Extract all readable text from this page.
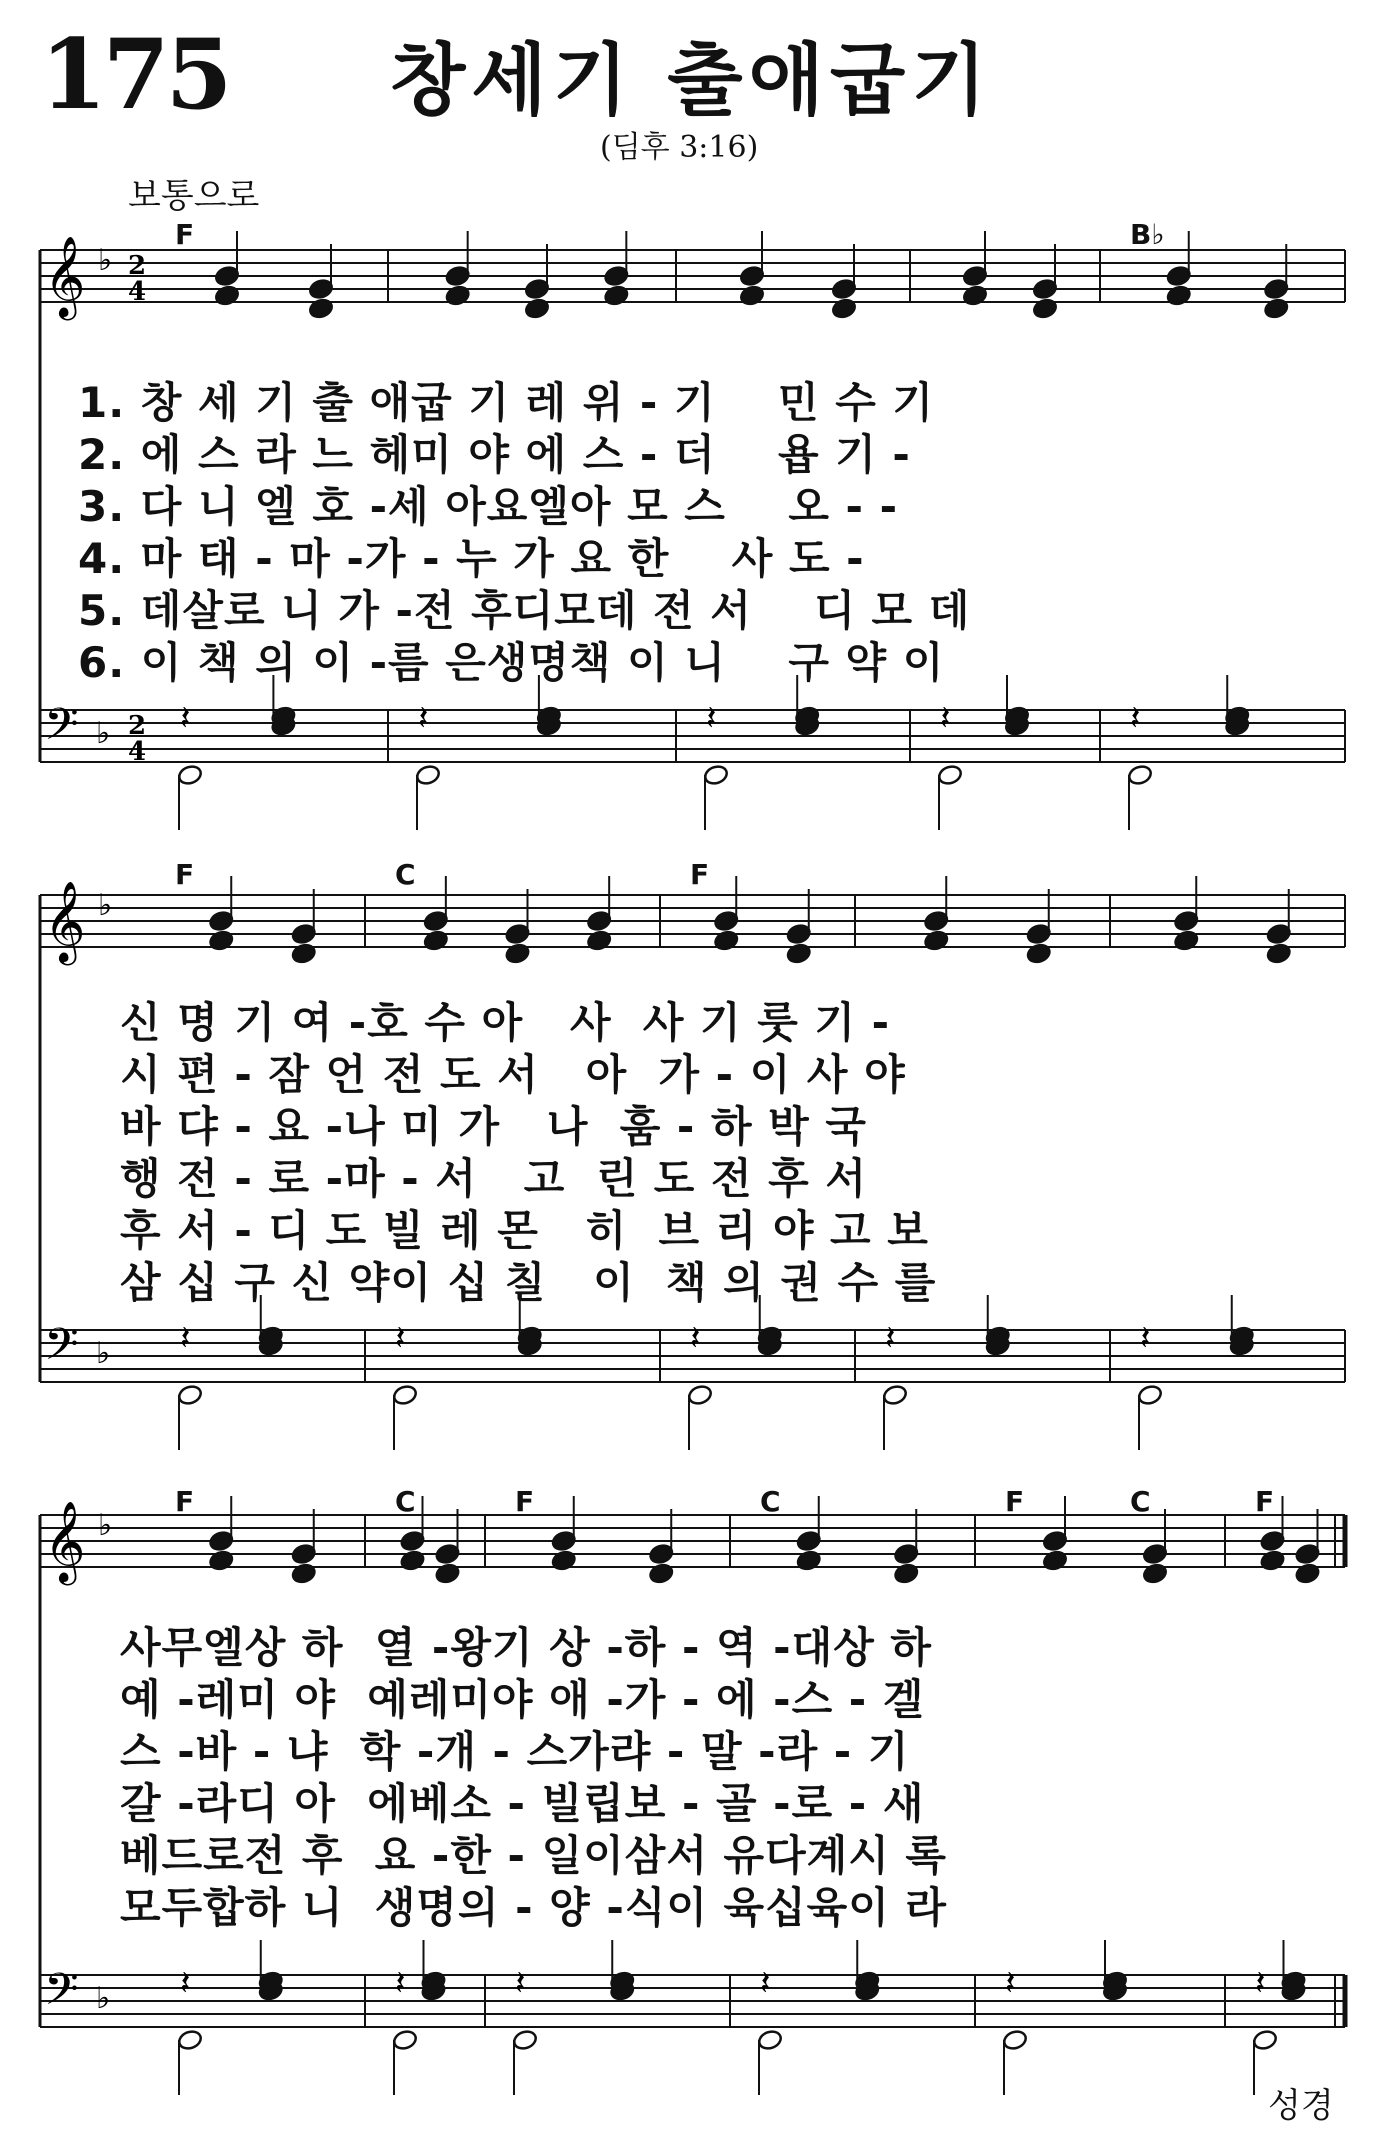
175 창세기 출애굽기
(딤후 3:16)
보통으로
𝄞 ♭ 2
4
𝄢 ♭ 2
4
𝄽	𝄽	𝄽	𝄽	𝄽
𝄞 ♭
𝄢 ♭ 𝄽	𝄽	𝄽	𝄽	𝄽
𝄞 ♭
𝄢 ♭ 𝄽	𝄽	𝄽	𝄽	𝄽	𝄽
F	B♭
1. 창 세 기 출 애굽 기 레 위 - 기    민 수 기
2. 에 스 라 느 헤미 야 에 스 - 더    욥 기 -
3. 다 니 엘 호 -세 아요엘아 모 스    오 - -
4. 마 태 - 마 -가 - 누 가 요 한    사 도 -
5. 데살로 니 가 -전 후디모데 전 서    디 모 데
6. 이 책 의 이 -름 은생명책 이 니    구 약 이
F	C	F
신 명 기 여 -호 수 아   사  사 기 룻 기 -
시 편 - 잠 언 전 도 서   아  가 - 이 사 야
바 댜 - 요 -나 미 가   나  훔 - 하 박 국
행 전 - 로 -마 - 서   고  린 도 전 후 서
후 서 - 디 도 빌 레 몬   히  브 리 야 고 보
삼 십 구 신 약이 십 칠   이  책 의 권 수 를
F	C	F	C	F	C	F
사무엘상 하  열 -왕기 상 -하 - 역 -대상 하
예 -레미 야  예레미야 애 -가 - 에 -스 - 겔
스 -바 - 냐  학 -개 - 스가랴 - 말 -라 - 기
갈 -라디 아  에베소 - 빌립보 - 골 -로 - 새
베드로전 후  요 -한 - 일이삼서 유다계시 록
모두합하 니  생명의 - 양 -식이 육십육이 라
성경
